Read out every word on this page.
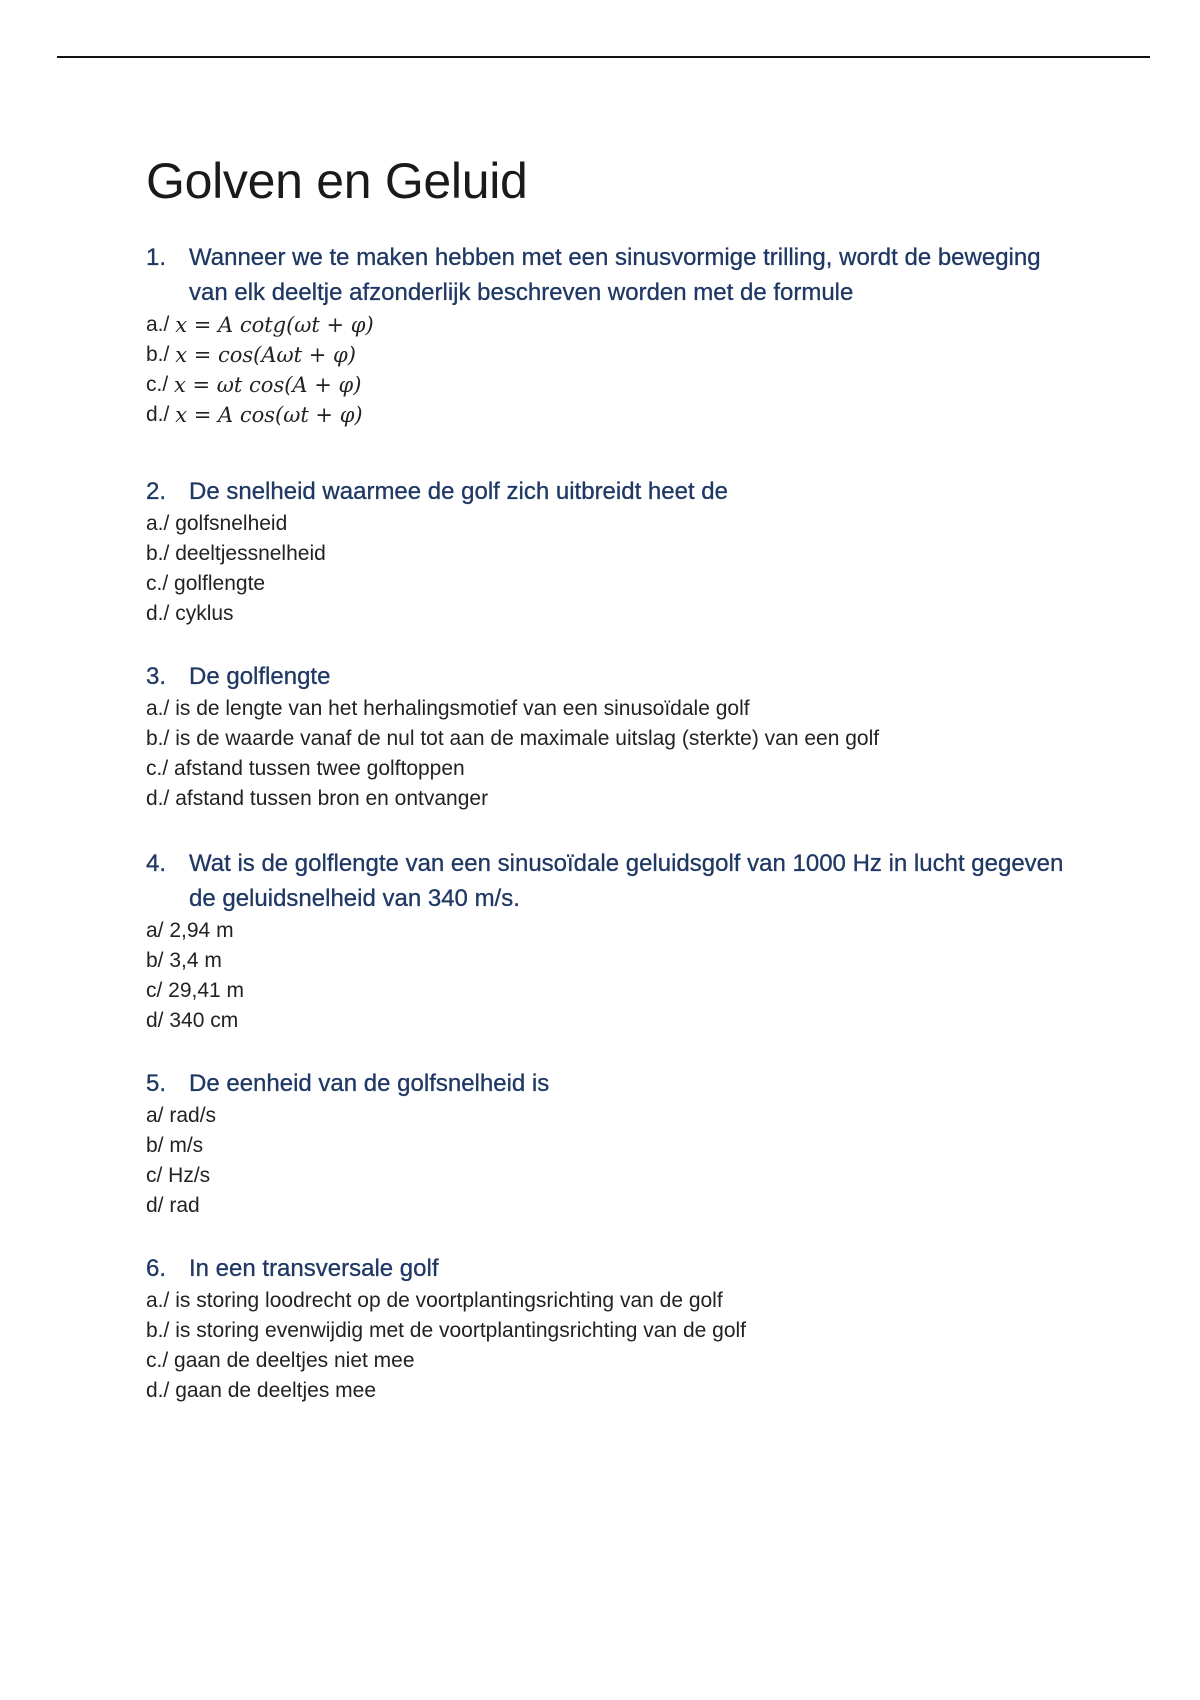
Golven en Geluid
1. Wanneer we te maken hebben met een sinusvormige trilling, wordt de beweging van elk deeltje afzonderlijk beschreven worden met de formule
a./ x = A cotg(ωt + φ)
b./ x = cos(Aωt + φ)
c./ x = ωt cos(A + φ)
d./ x = A cos(ωt + φ)
2. De snelheid waarmee de golf zich uitbreidt heet de
a./ golfsnelheid
b./ deeltjessnelheid
c./ golflengte
d./ cyklus
3. De golflengte
a./ is de lengte van het herhalingsmotief van een sinusoïdale golf
b./ is de waarde vanaf de nul tot aan de maximale uitslag (sterkte) van een golf
c./ afstand tussen twee golftoppen
d./ afstand tussen bron en ontvanger
4. Wat is de golflengte van een sinusoïdale geluidsgolf van 1000 Hz in lucht gegeven de geluidsnelheid van 340 m/s.
a/ 2,94 m
b/ 3,4 m
c/ 29,41 m
d/ 340 cm
5. De eenheid van de golfsnelheid is
a/ rad/s
b/ m/s
c/ Hz/s
d/ rad
6. In een transversale golf
a./ is storing loodrecht op de voortplantingsrichting van de golf
b./ is storing evenwijdig met de voortplantingsrichting van de golf
c./ gaan de deeltjes niet mee
d./ gaan de deeltjes mee
